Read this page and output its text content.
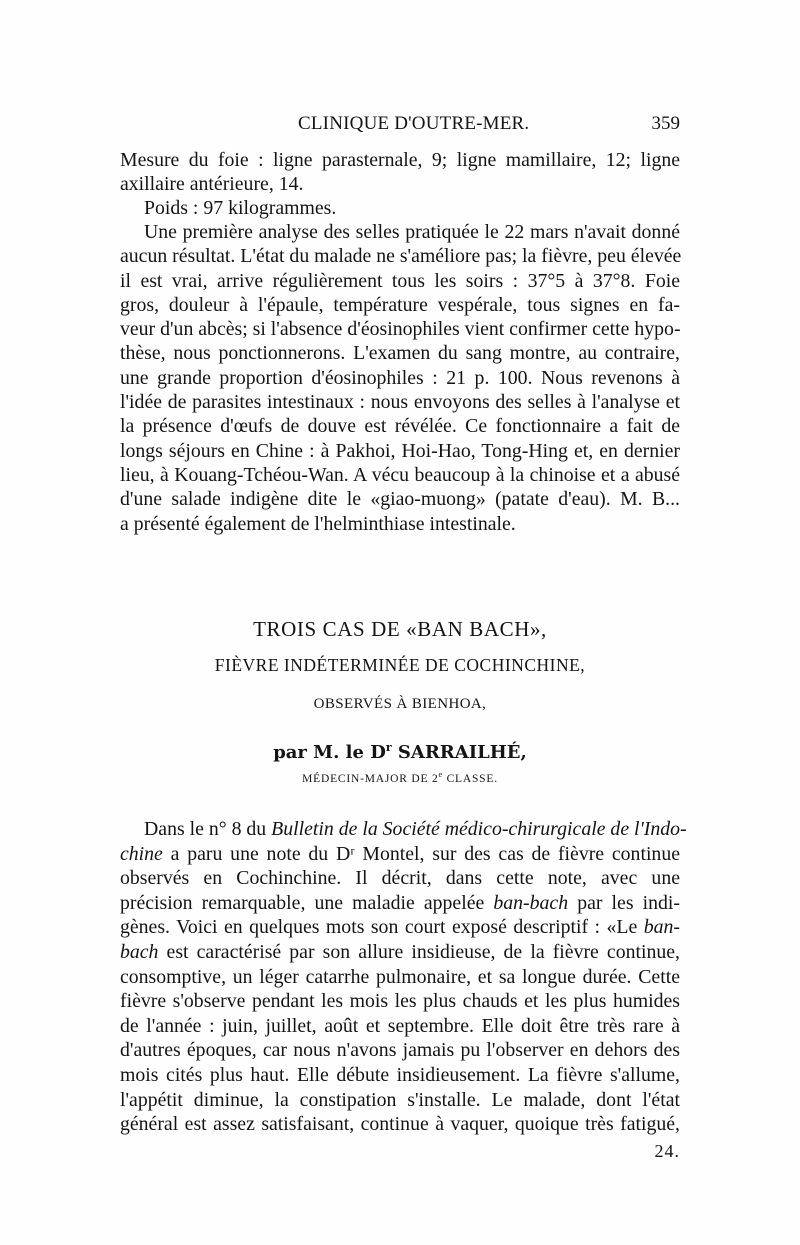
CLINIQUE D'OUTRE-MER.	359
Mesure du foie : ligne parasternale, 9; ligne mamillaire, 12; ligne
axillaire antérieure, 14.
Poids : 97 kilogrammes.
Une première analyse des selles pratiquée le 22 mars n'avait donné
aucun résultat. L'état du malade ne s'améliore pas; la fièvre, peu élevée
il est vrai, arrive régulièrement tous les soirs : 37°5 à 37°8. Foie
gros, douleur à l'épaule, température vespérale, tous signes en fa-
veur d'un abcès; si l'absence d'éosinophiles vient confirmer cette hypo-
thèse, nous ponctionnerons. L'examen du sang montre, au contraire,
une grande proportion d'éosinophiles : 21 p. 100. Nous revenons à
l'idée de parasites intestinaux : nous envoyons des selles à l'analyse et
la présence d'œufs de douve est révélée. Ce fonctionnaire a fait de
longs séjours en Chine : à Pakhoi, Hoi-Hao, Tong-Hing et, en dernier
lieu, à Kouang-Tchéou-Wan. A vécu beaucoup à la chinoise et a abusé
d'une salade indigène dite le «giao-muong» (patate d'eau). M. B...
a présenté également de l'helminthiase intestinale.
TROIS CAS DE «BAN BACH»,
FIÈVRE INDÉTERMINÉE DE COCHINCHINE,
OBSERVÉS À BIENHOA,
par M. le $D^r$ SARRAILHÉ,
MÉDECIN-MAJOR DE 2e CLASSE.
Dans le n° 8 du Bulletin de la Société médico-chirurgicale de l'Indo-
chine a paru une note du Dʳ Montel, sur des cas de fièvre continue
observés en Cochinchine. Il décrit, dans cette note, avec une
précision remarquable, une maladie appelée ban-bach par les indi-
gènes. Voici en quelques mots son court exposé descriptif : «Le ban-
bach est caractérisé par son allure insidieuse, de la fièvre continue,
consomptive, un léger catarrhe pulmonaire, et sa longue durée. Cette
fièvre s'observe pendant les mois les plus chauds et les plus humides
de l'année : juin, juillet, août et septembre. Elle doit être très rare à
d'autres époques, car nous n'avons jamais pu l'observer en dehors des
mois cités plus haut. Elle débute insidieusement. La fièvre s'allume,
l'appétit diminue, la constipation s'installe. Le malade, dont l'état
général est assez satisfaisant, continue à vaquer, quoique très fatigué,
24.
